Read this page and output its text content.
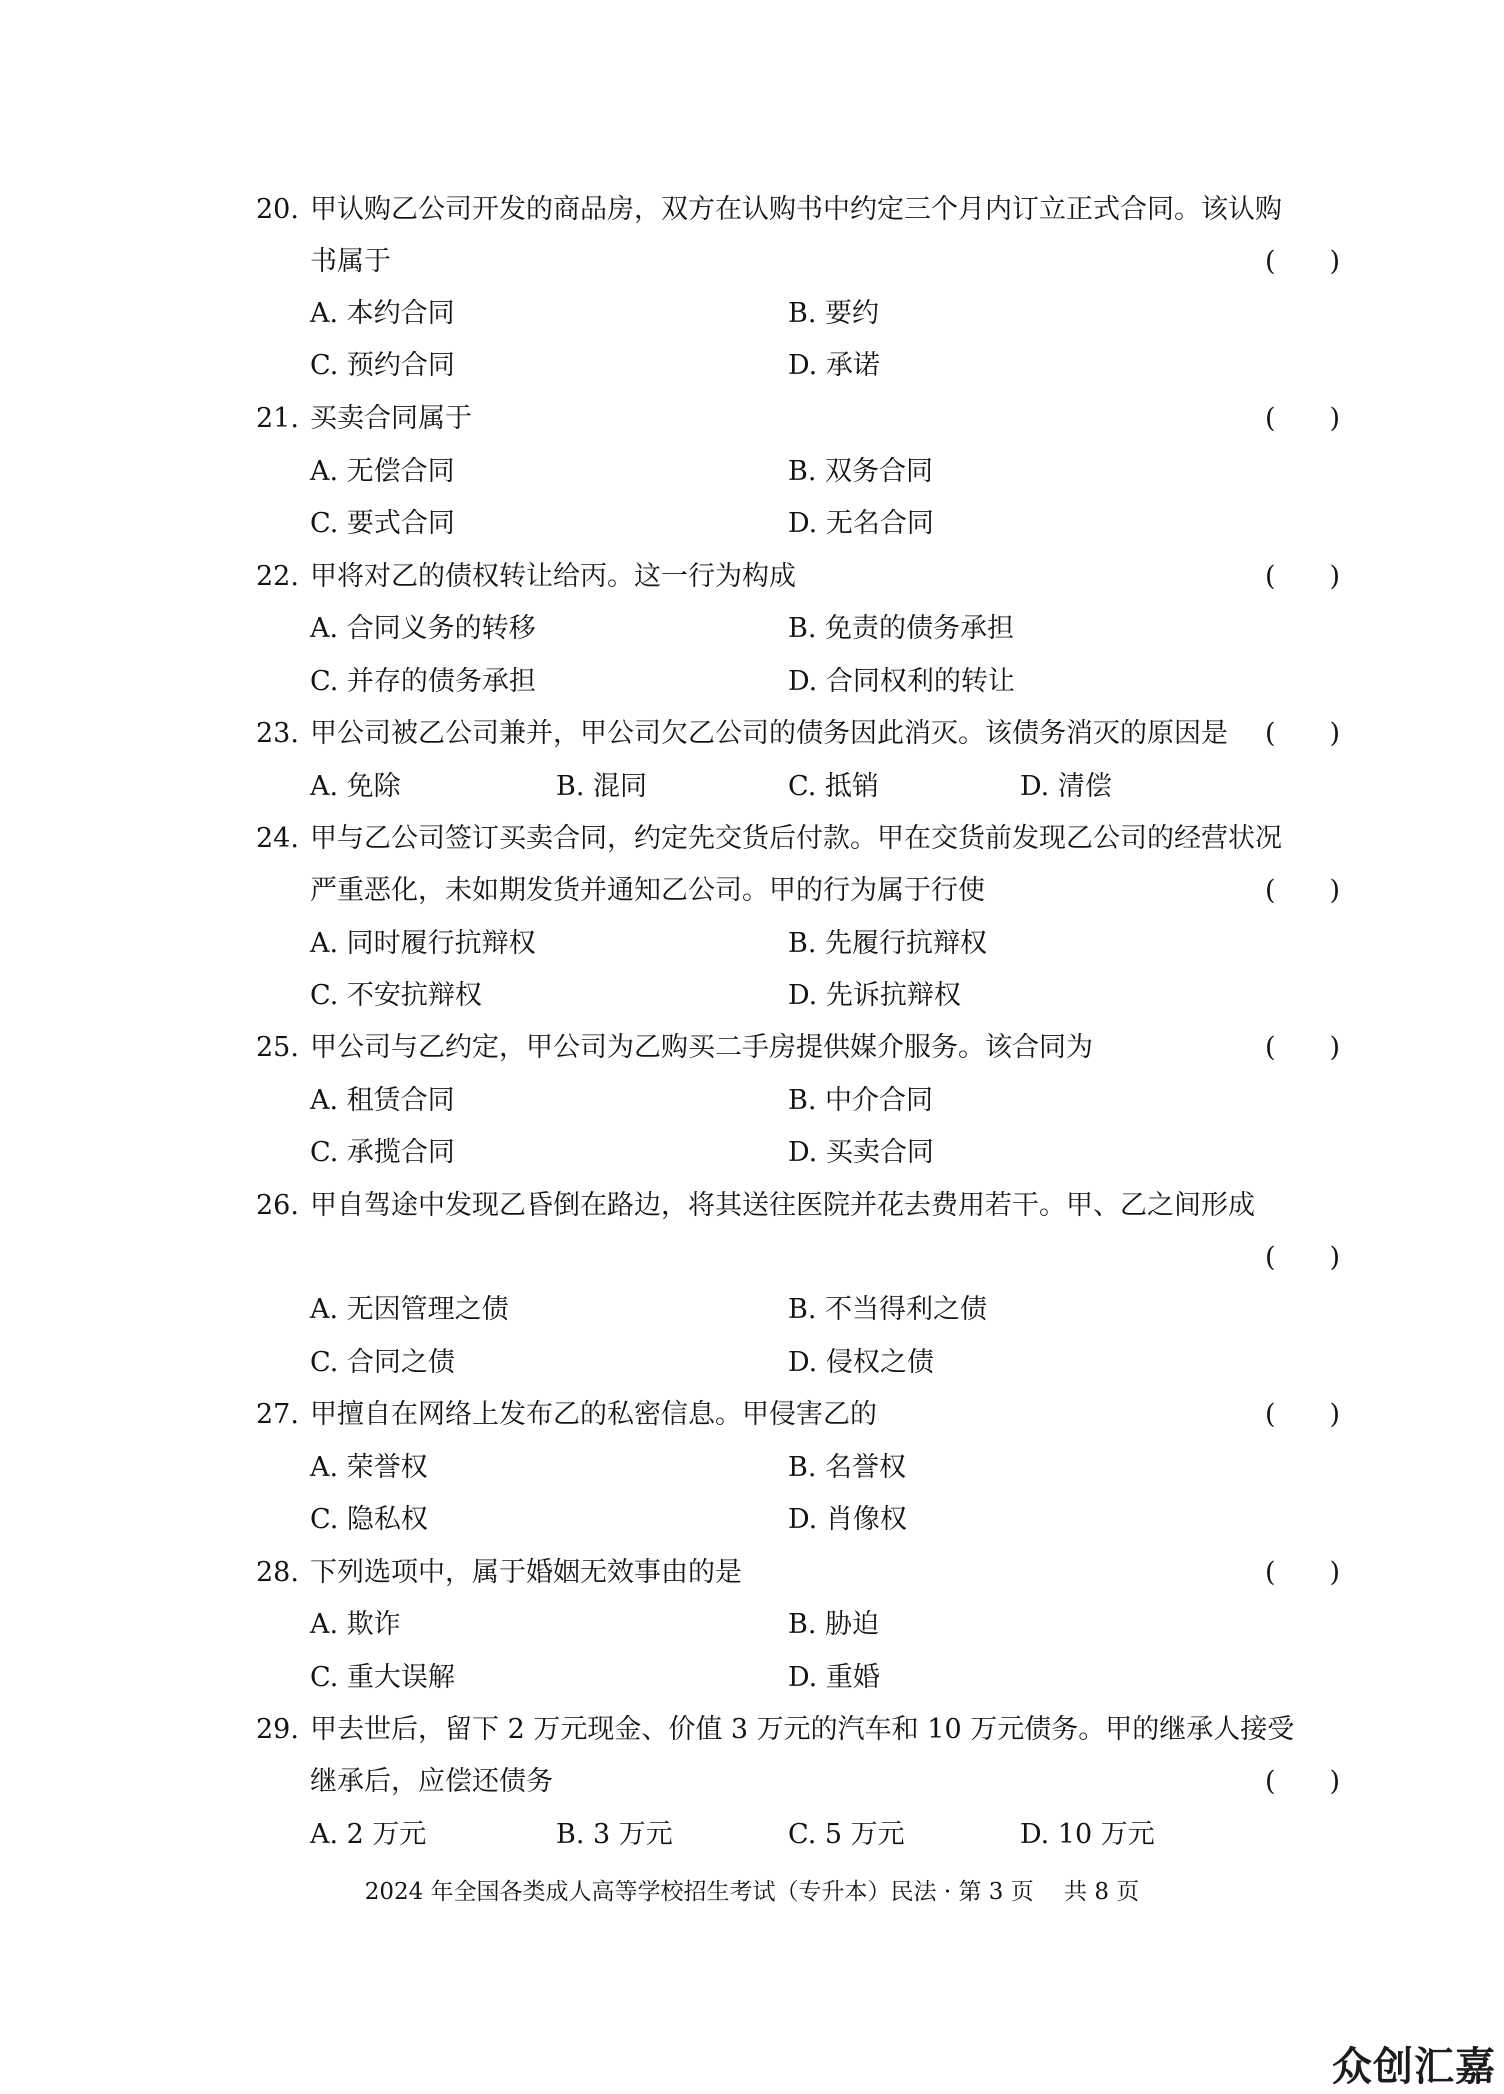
20. 甲认购乙公司开发的商品房，双方在认购书中约定三个月内订立正式合同。该认购
书属于	(　　)
A. 本约合同	B. 要约
C. 预约合同	D. 承诺
21. 买卖合同属于	(　　)
A. 无偿合同	B. 双务合同
C. 要式合同	D. 无名合同
22. 甲将对乙的债权转让给丙。这一行为构成	(　　)
A. 合同义务的转移	B. 免责的债务承担
C. 并存的债务承担	D. 合同权利的转让
23. 甲公司被乙公司兼并，甲公司欠乙公司的债务因此消灭。该债务消灭的原因是 (　　)
A. 免除	B. 混同	C. 抵销	D. 清偿
24. 甲与乙公司签订买卖合同，约定先交货后付款。甲在交货前发现乙公司的经营状况
严重恶化，未如期发货并通知乙公司。甲的行为属于行使	(　　)
A. 同时履行抗辩权	B. 先履行抗辩权
C. 不安抗辩权	D. 先诉抗辩权
25. 甲公司与乙约定，甲公司为乙购买二手房提供媒介服务。该合同为	(　　)
A. 租赁合同	B. 中介合同
C. 承揽合同	D. 买卖合同
26. 甲自驾途中发现乙昏倒在路边，将其送往医院并花去费用若干。甲、乙之间形成
(　　)
A. 无因管理之债	B. 不当得利之债
C. 合同之债	D. 侵权之债
27. 甲擅自在网络上发布乙的私密信息。甲侵害乙的	(　　)
A. 荣誉权	B. 名誉权
C. 隐私权	D. 肖像权
28. 下列选项中，属于婚姻无效事由的是	(　　)
A. 欺诈	B. 胁迫
C. 重大误解	D. 重婚
29. 甲去世后，留下 2 万元现金、价值 3 万元的汽车和 10 万元债务。甲的继承人接受
继承后，应偿还债务	(　　)
A. 2 万元	B. 3 万元	C. 5 万元	D. 10 万元
2024 年全国各类成人高等学校招生考试（专升本）民法 · 第 3 页　 共 8 页
众创汇嘉
